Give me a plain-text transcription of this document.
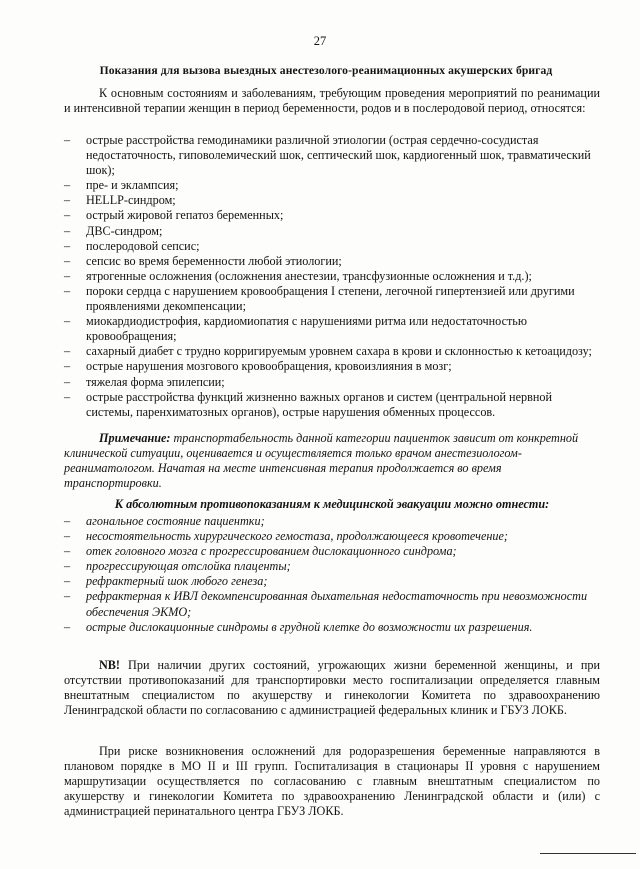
27
Показания для вызова выездных анестезолого-реанимационных акушерских бригад
К основным состояниям и заболеваниям, требующим проведения мероприятий по реанимации и интенсивной терапии женщин в период беременности, родов и в послеродовой период, относятся:
– острые расстройства гемодинамики различной этиологии (острая сердечно-сосудистая недостаточность, гиповолемический шок, септический шок, кардиогенный шок, травматический шок);
– пре- и эклампсия;
– HELLP-синдром;
– острый жировой гепатоз беременных;
– ДВС-синдром;
– послеродовой сепсис;
– сепсис во время беременности любой этиологии;
– ятрогенные осложнения (осложнения анестезии, трансфузионные осложнения и т.д.);
– пороки сердца с нарушением кровообращения I степени, легочной гипертензией или другими проявлениями декомпенсации;
– миокардиодистрофия, кардиомиопатия с нарушениями ритма или недостаточностью кровообращения;
– сахарный диабет с трудно корригируемым уровнем сахара в крови и склонностью к кетоацидозу;
– острые нарушения мозгового кровообращения, кровоизлияния в мозг;
– тяжелая форма эпилепсии;
– острые расстройства функций жизненно важных органов и систем (центральной нервной системы, паренхиматозных органов), острые нарушения обменных процессов.
Примечание: транспортабельность данной категории пациенток зависит от конкретной клинической ситуации, оценивается и осуществляется только врачом анестезиологом-реаниматологом. Начатая на месте интенсивная терапия продолжается во время транспортировки.
К абсолютным противопоказаниям к медицинской эвакуации можно отнести:
– агональное состояние пациентки;
– несостоятельность хирургического гемостаза, продолжающееся кровотечение;
– отек головного мозга с прогрессированием дислокационного синдрома;
– прогрессирующая отслойка плаценты;
– рефрактерный шок любого генеза;
– рефрактерная к ИВЛ декомпенсированная дыхательная недостаточность при невозможности обеспечения ЭКМО;
– острые дислокационные синдромы в грудной клетке до возможности их разрешения.
NB! При наличии других состояний, угрожающих жизни беременной женщины, и при отсутствии противопоказаний для транспортировки место госпитализации определяется главным внештатным специалистом по акушерству и гинекологии Комитета по здравоохранению Ленинградской области по согласованию с администрацией федеральных клиник и ГБУЗ ЛОКБ.
При риске возникновения осложнений для родоразрешения беременные направляются в плановом порядке в МО II и III групп. Госпитализация в стационары II уровня с нарушением маршрутизации осуществляется по согласованию с главным внештатным специалистом по акушерству и гинекологии Комитета по здравоохранению Ленинградской области и (или) с администрацией перинатального центра ГБУЗ ЛОКБ.
